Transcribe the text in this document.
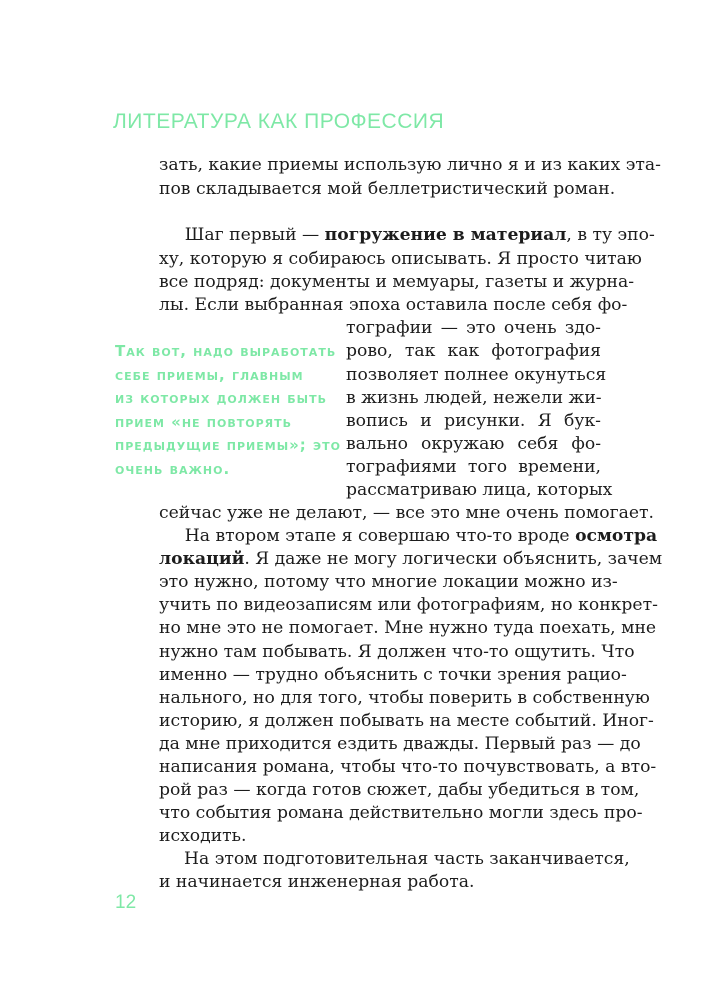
ЛИТЕРАТУРА КАК ПРОФЕССИЯ
зать, какие приемы использую лично я и из каких эта-
пов складывается мой беллетристический роман.
  Шаг первый — погружение в материал, в ту эпо-
ху, которую я собираюсь описывать. Я просто читаю
все подряд: документы и мемуары, газеты и журна-
лы. Если выбранная эпоха оставила после себя фо-
тографии — это очень здо-
рово, так как фотография
позволяет полнее окунуться
в жизнь людей, нежели жи-
вопись и рисунки. Я бук-
вально окружаю себя фо-
тографиями того времени,
рассматриваю лица, которых
сейчас уже не делают, — все это мне очень помогает.
  На втором этапе я совершаю что-то вроде осмотра
локаций. Я даже не могу логически объяснить, зачем
это нужно, потому что многие локации можно из-
учить по видеозаписям или фотографиям, но конкрет-
но мне это не помогает. Мне нужно туда поехать, мне
нужно там побывать. Я должен что-то ощутить. Что
именно — трудно объяснить с точки зрения рацио-
нального, но для того, чтобы поверить в собственную
историю, я должен побывать на месте событий. Иног-
да мне приходится ездить дважды. Первый раз — до
написания романа, чтобы что-то почувствовать, а вто-
рой раз — когда готов сюжет, дабы убедиться в том,
что события романа действительно могли здесь про-
исходить.
На этом подготовительная часть заканчивается,
и начинается инженерная работа.
Так вот, надо выработать
себе приемы, главным
из которых должен быть
прием «не повторять
предыдущие приемы»; это
очень важно.
12
